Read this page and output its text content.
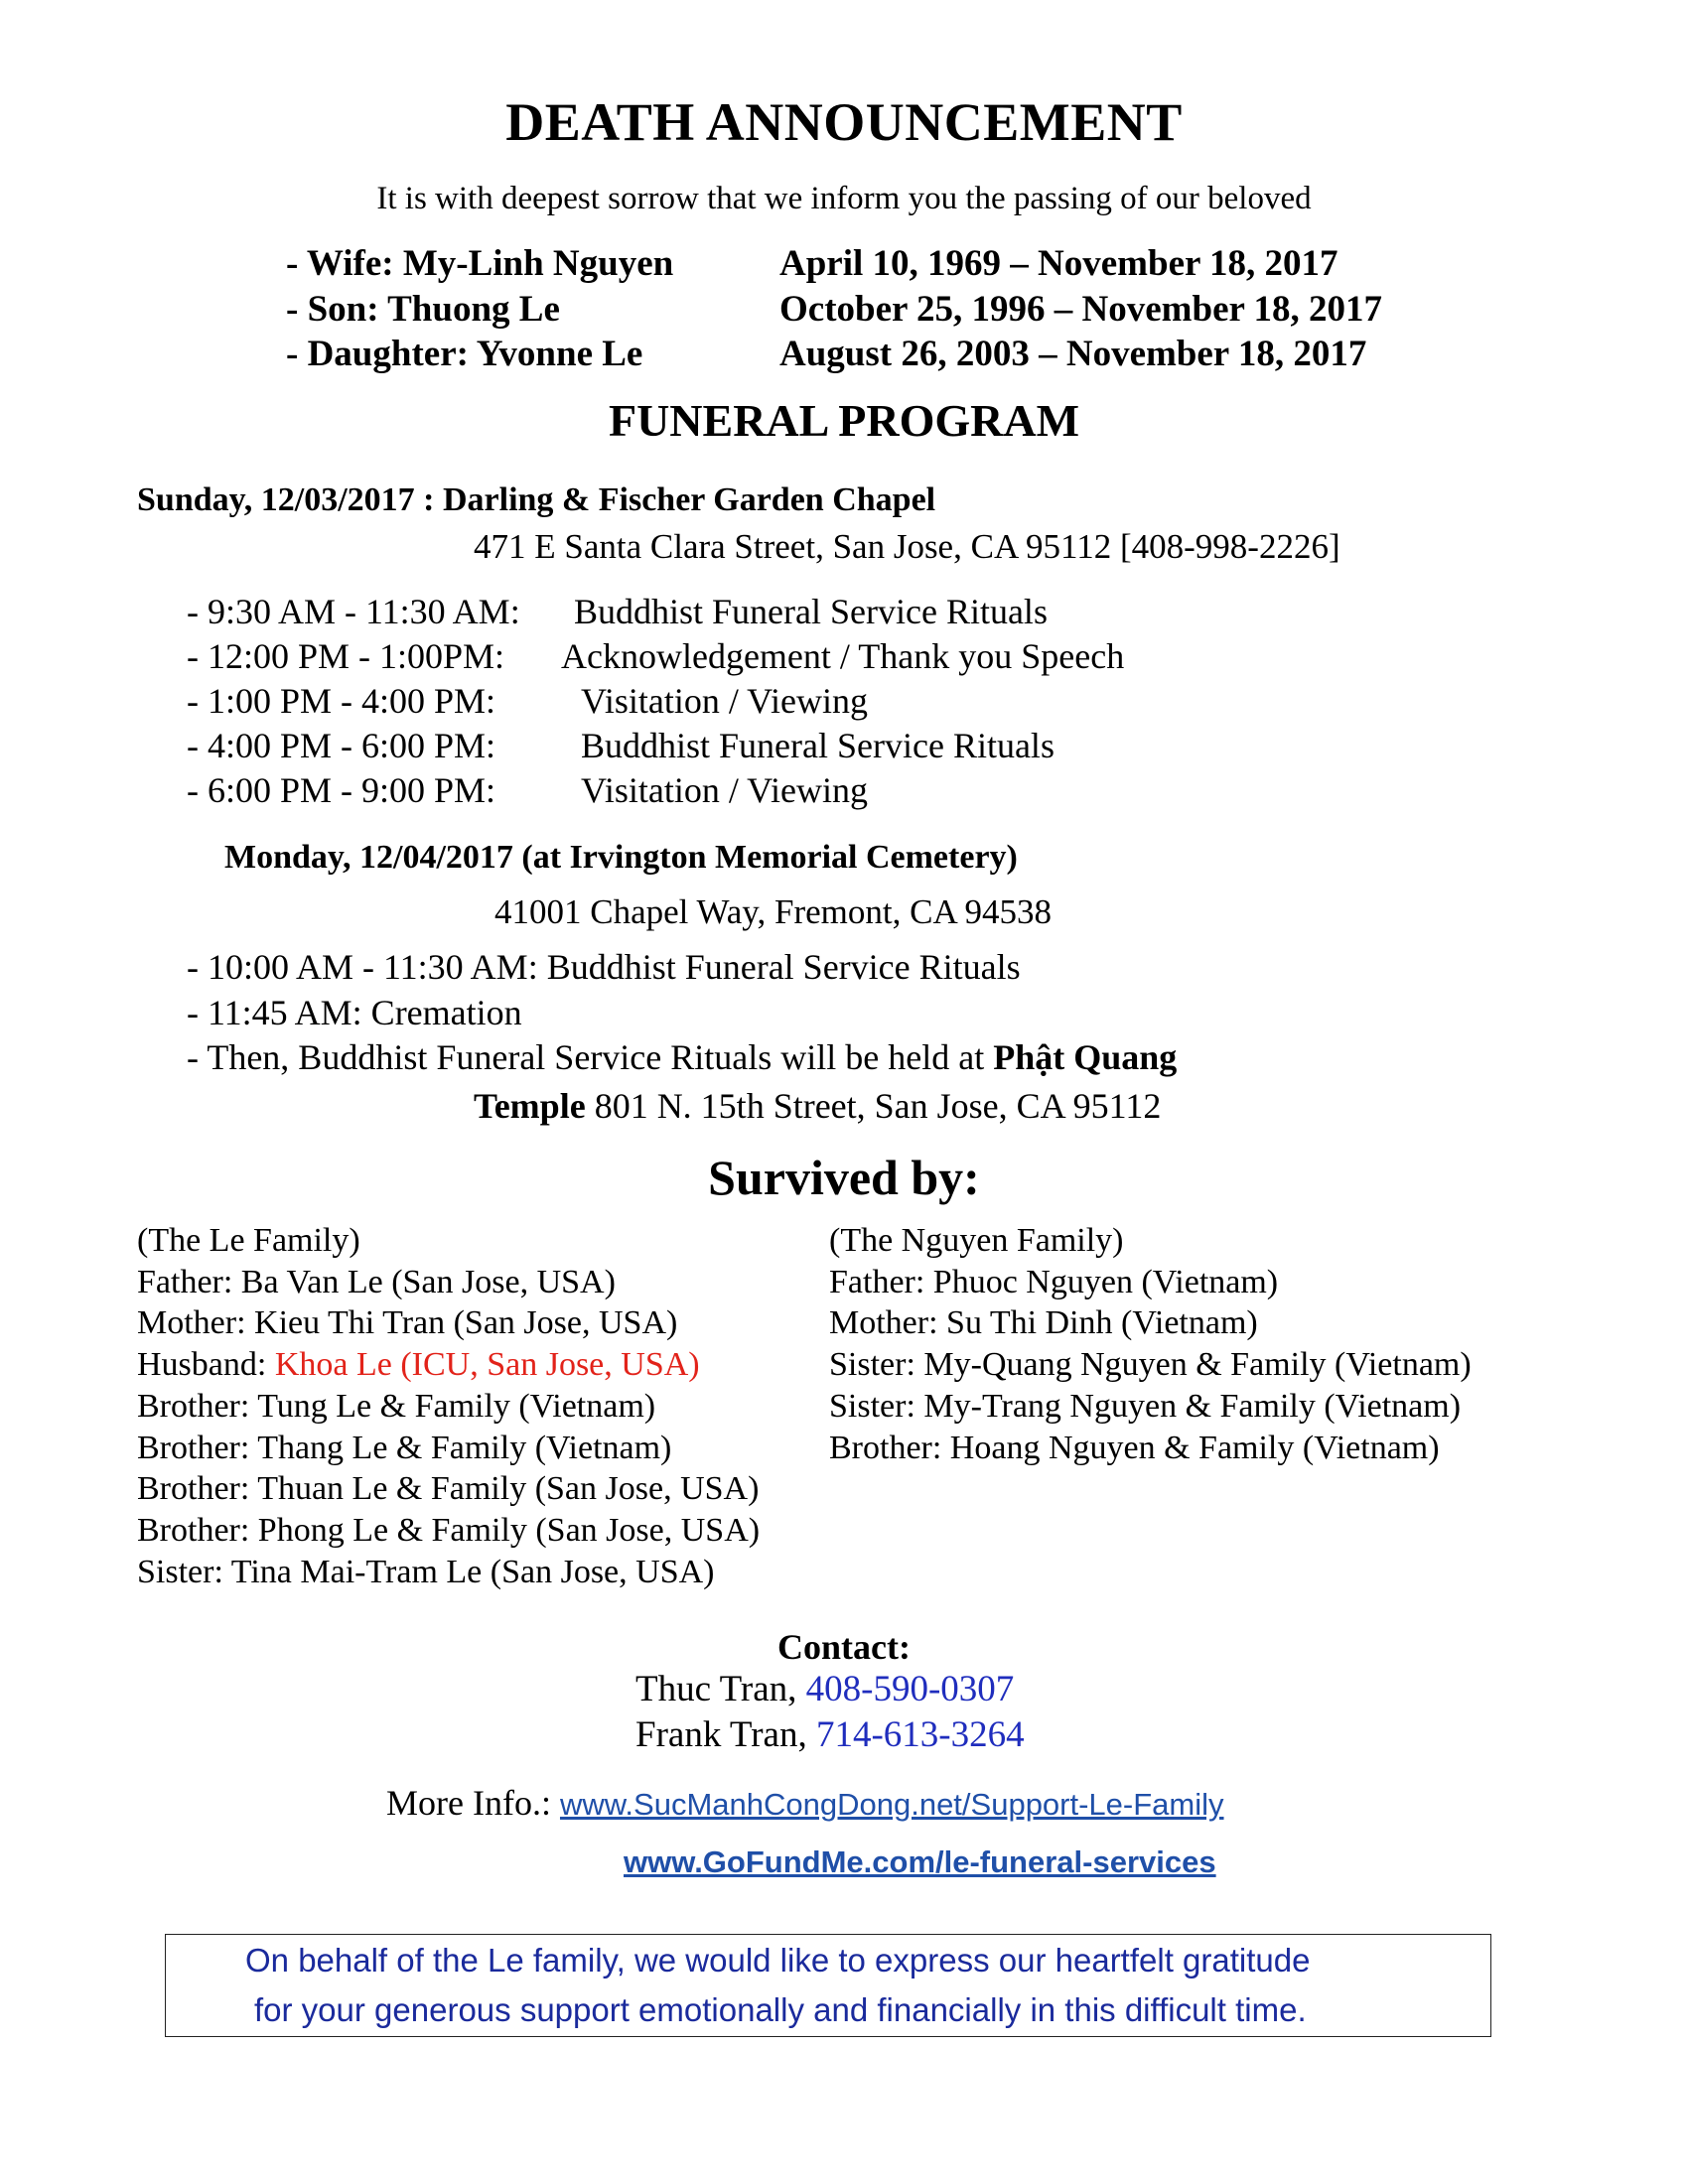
DEATH ANNOUNCEMENT
It is with deepest sorrow that we inform you the passing of our beloved
- Wife: My-Linh Nguyen	April 10, 1969 – November 18, 2017
- Son: Thuong Le	October 25, 1996 – November 18, 2017
- Daughter: Yvonne Le	August 26, 2003 – November 18, 2017
FUNERAL PROGRAM
Sunday, 12/03/2017 : Darling & Fischer Garden Chapel
471 E Santa Clara Street, San Jose, CA 95112 [408-998-2226]
- 9:30 AM - 11:30 AM: Buddhist Funeral Service Rituals
- 12:00 PM - 1:00PM: Acknowledgement / Thank you Speech
- 1:00 PM - 4:00 PM: Visitation / Viewing
- 4:00 PM - 6:00 PM: Buddhist Funeral Service Rituals
- 6:00 PM - 9:00 PM: Visitation / Viewing
Monday, 12/04/2017 (at Irvington Memorial Cemetery)
41001 Chapel Way, Fremont, CA 94538
- 10:00 AM - 11:30 AM: Buddhist Funeral Service Rituals
- 11:45 AM: Cremation
- Then, Buddhist Funeral Service Rituals will be held at Phật Quang
Temple 801 N. 15th Street, San Jose, CA 95112
Survived by:
(The Le Family)
Father: Ba Van Le (San Jose, USA)
Mother: Kieu Thi Tran (San Jose, USA)
Husband: Khoa Le (ICU, San Jose, USA)
Brother: Tung Le & Family (Vietnam)
Brother: Thang Le & Family (Vietnam)
Brother: Thuan Le & Family (San Jose, USA)
Brother: Phong Le & Family (San Jose, USA)
Sister: Tina Mai-Tram Le (San Jose, USA)
(The Nguyen Family)
Father: Phuoc Nguyen (Vietnam)
Mother: Su Thi Dinh (Vietnam)
Sister: My-Quang Nguyen & Family (Vietnam)
Sister: My-Trang Nguyen & Family (Vietnam)
Brother: Hoang Nguyen & Family (Vietnam)
Contact:
Thuc Tran, 408-590-0307
Frank Tran, 714-613-3264
More Info.: www.SucManhCongDong.net/Support-Le-Family
www.GoFundMe.com/le-funeral-services
On behalf of the Le family, we would like to express our heartfelt gratitude
for your generous support emotionally and financially in this difficult time.
